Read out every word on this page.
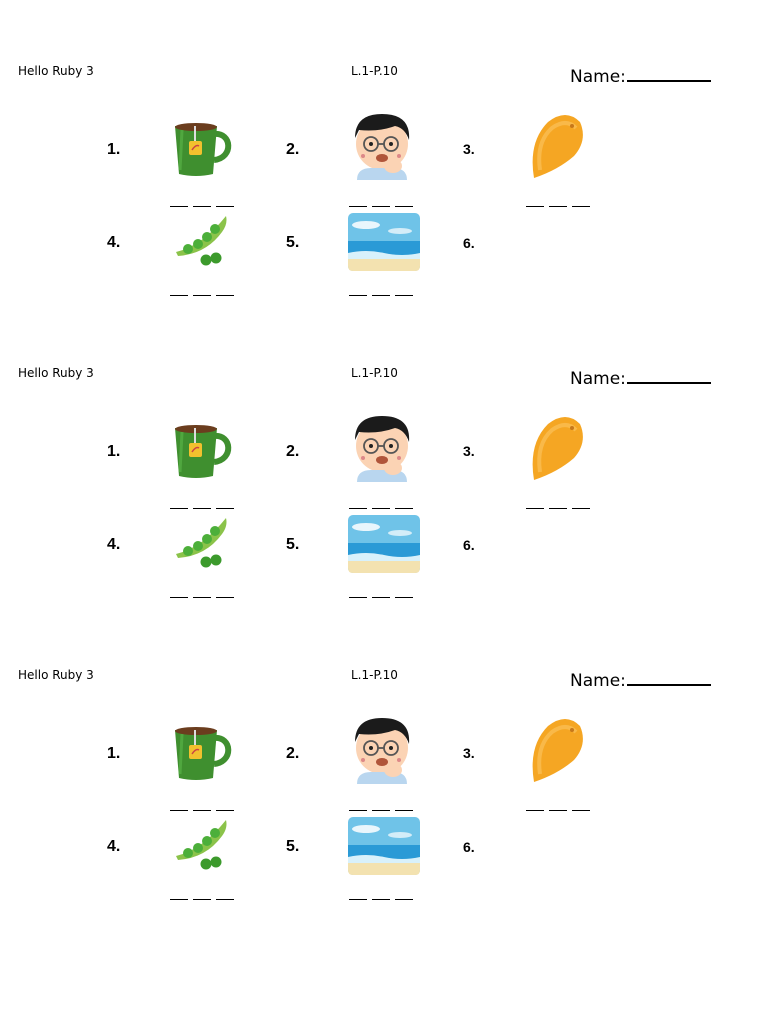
Hello Ruby 3	L.1-P.10	Name:
1.	2.	3.
4.	5.	6.
Hello Ruby 3	L.1-P.10	Name:
1.	2.	3.
4.	5.	6.
Hello Ruby 3	L.1-P.10	Name:
1.	2.	3.
4.	5.	6.
